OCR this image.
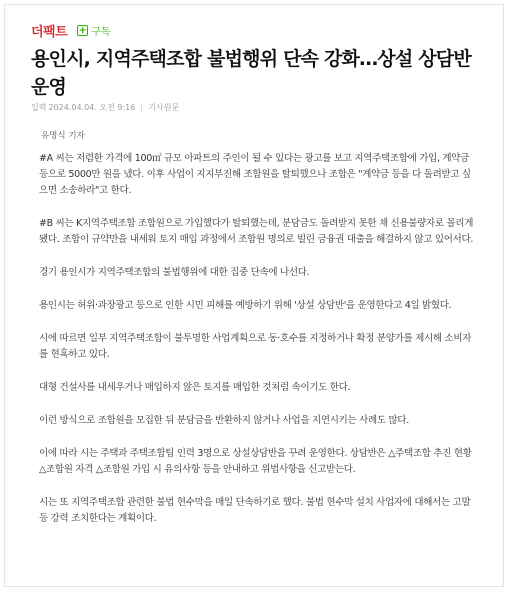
더팩트 + 구독
용인시, 지역주택조합 불법행위 단속 강화…상설 상담반 운영
입력 2024.04.04. 오전 9:16 기사원문
유명식 기자

#A 씨는 저렴한 가격에 100㎡ 규모 아파트의 주인이 될 수 있다는 광고를 보고 지역주택조합에 가입, 계약금 등으로 5000만 원을 냈다. 이후 사업이 지지부진해 조합원을 탈퇴했으나 조합은 "계약금 등을 다 돌려받고 싶으면 소송하라"고 한다.

#B 씨는 K지역주택조합 조합원으로 가입했다가 탈퇴했는데, 분담금도 돌려받지 못한 채 신용불량자로 몰리게 됐다. 조합이 규약만을 내세워 토지 매입 과정에서 조합원 명의로 빌린 금융권 대출을 해결하지 않고 있어서다.

경기 용인시가 지역주택조합의 불법행위에 대한 집중 단속에 나선다.

용인시는 허위·과장광고 등으로 인한 시민 피해를 예방하기 위해 '상설 상담반'을 운영한다고 4일 밝혔다.

시에 따르면 일부 지역주택조합이 불투명한 사업계획으로 동·호수를 지정하거나 확정 분양가를 제시해 소비자를 현혹하고 있다.

대형 건설사를 내세우거나 매입하지 않은 토지를 매입한 것처럼 속이기도 한다.

이런 방식으로 조합원을 모집한 뒤 분담금을 반환하지 않거나 사업을 지연시키는 사례도 많다.

이에 따라 시는 주택과 주택조합팀 인력 3명으로 상설상담반을 꾸려 운영한다. 상담반은 △주택조합 추진 현황 △조합원 자격 △조합원 가입 시 유의사항 등을 안내하고 위법사항을 신고받는다.

시는 또 지역주택조합 관련한 불법 현수막을 매일 단속하기로 했다. 불법 현수막 설치 사업자에 대해서는 고발 등 강력 조치한다는 계획이다.
